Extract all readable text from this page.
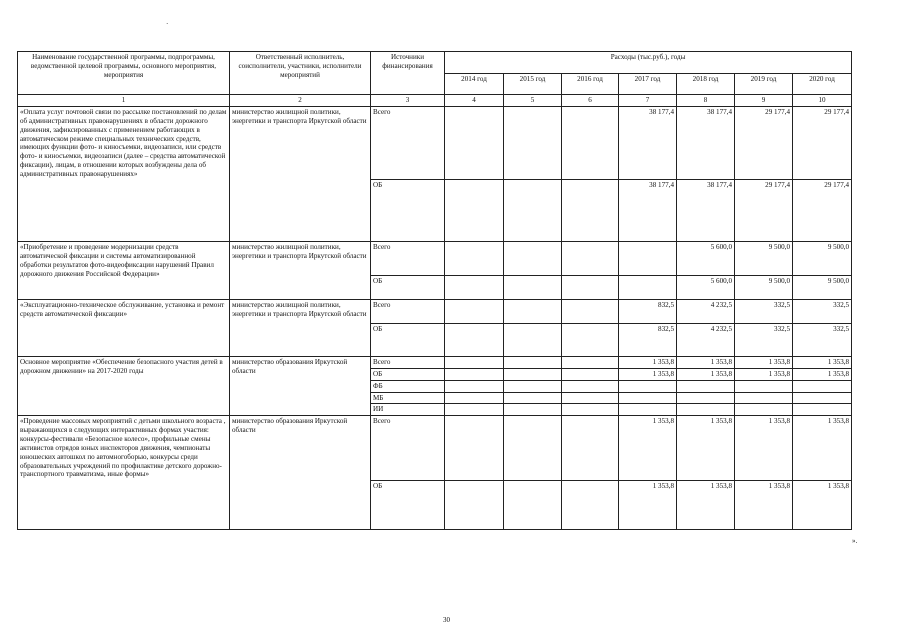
·
Наименование государственной программы, подпрограммы, ведомственной целевой программы, основного мероприятия, мероприятия	Ответственный исполнитель, соисполнители, участники, исполнители мероприятий	Источники финансирования	Расходы (тыс.руб.), годы						
			2014 год	2015 год	2016 год	2017 год	2018 год	2019 год	2020 год
1	2	3	4	5	6	7	8	9	10
«Оплата услуг почтовой связи по рассылке постановлений по делам об административных правонарушениях в области дорожного движения, зафиксированных с применением работающих в автоматическом режиме специальных технических средств, имеющих функции фото- и киносъемки, видеозаписи, или средств фото- и киносъемки, видеозаписи (далее – средства автоматической фиксации), лицам, в отношении которых возбуждены дела об административных правонарушениях»	министерство жилищной политики, энергетики и транспорта Иркутской области	Всего				38 177,4	38 177,4	29 177,4	29 177,4
		ОБ				38 177,4	38 177,4	29 177,4	29 177,4
«Приобретение и проведение модернизации средств автоматической фиксации и системы автоматизированной обработки результатов фото-видеофиксации нарушений Правил дорожного движения Российской Федерации»	министерство жилищной политики, энергетики и транспорта Иркутской области	Всего					5 600,0	9 500,0	9 500,0
		ОБ					5 600,0	9 500,0	9 500,0
«Эксплуатационно-техническое обслуживание, установка и ремонт средств автоматической фиксации»	министерство жилищной политики, энергетики и транспорта Иркутской области	Всего				832,5	4 232,5	332,5	332,5
		ОБ				832,5	4 232,5	332,5	332,5
Основное мероприятие «Обеспечение безопасного участия детей в дорожном движении» на 2017-2020 годы	министерство образования Иркутской области	Всего				1 353,8	1 353,8	1 353,8	1 353,8
		ОБ				1 353,8	1 353,8	1 353,8	1 353,8
		ФБ							
		МБ							
		ИИ							
«Проведение массовых мероприятий с детьми школьного возраста , выражающихся в следующих интерактивных формах участия: конкурсы-фестивали «Безопасное колесо», профильные смены активистов отрядов юных инспекторов движения, чемпионаты юношеских автошкол по автомногоборью, конкурсы среди образовательных учреждений по профилактике детского дорожно-транспортного травматизма, иные формы»	министерство образования Иркутской области	Всего				1 353,8	1 353,8	1 353,8	1 353,8
		ОБ				1 353,8	1 353,8	1 353,8	1 353,8
».
30
